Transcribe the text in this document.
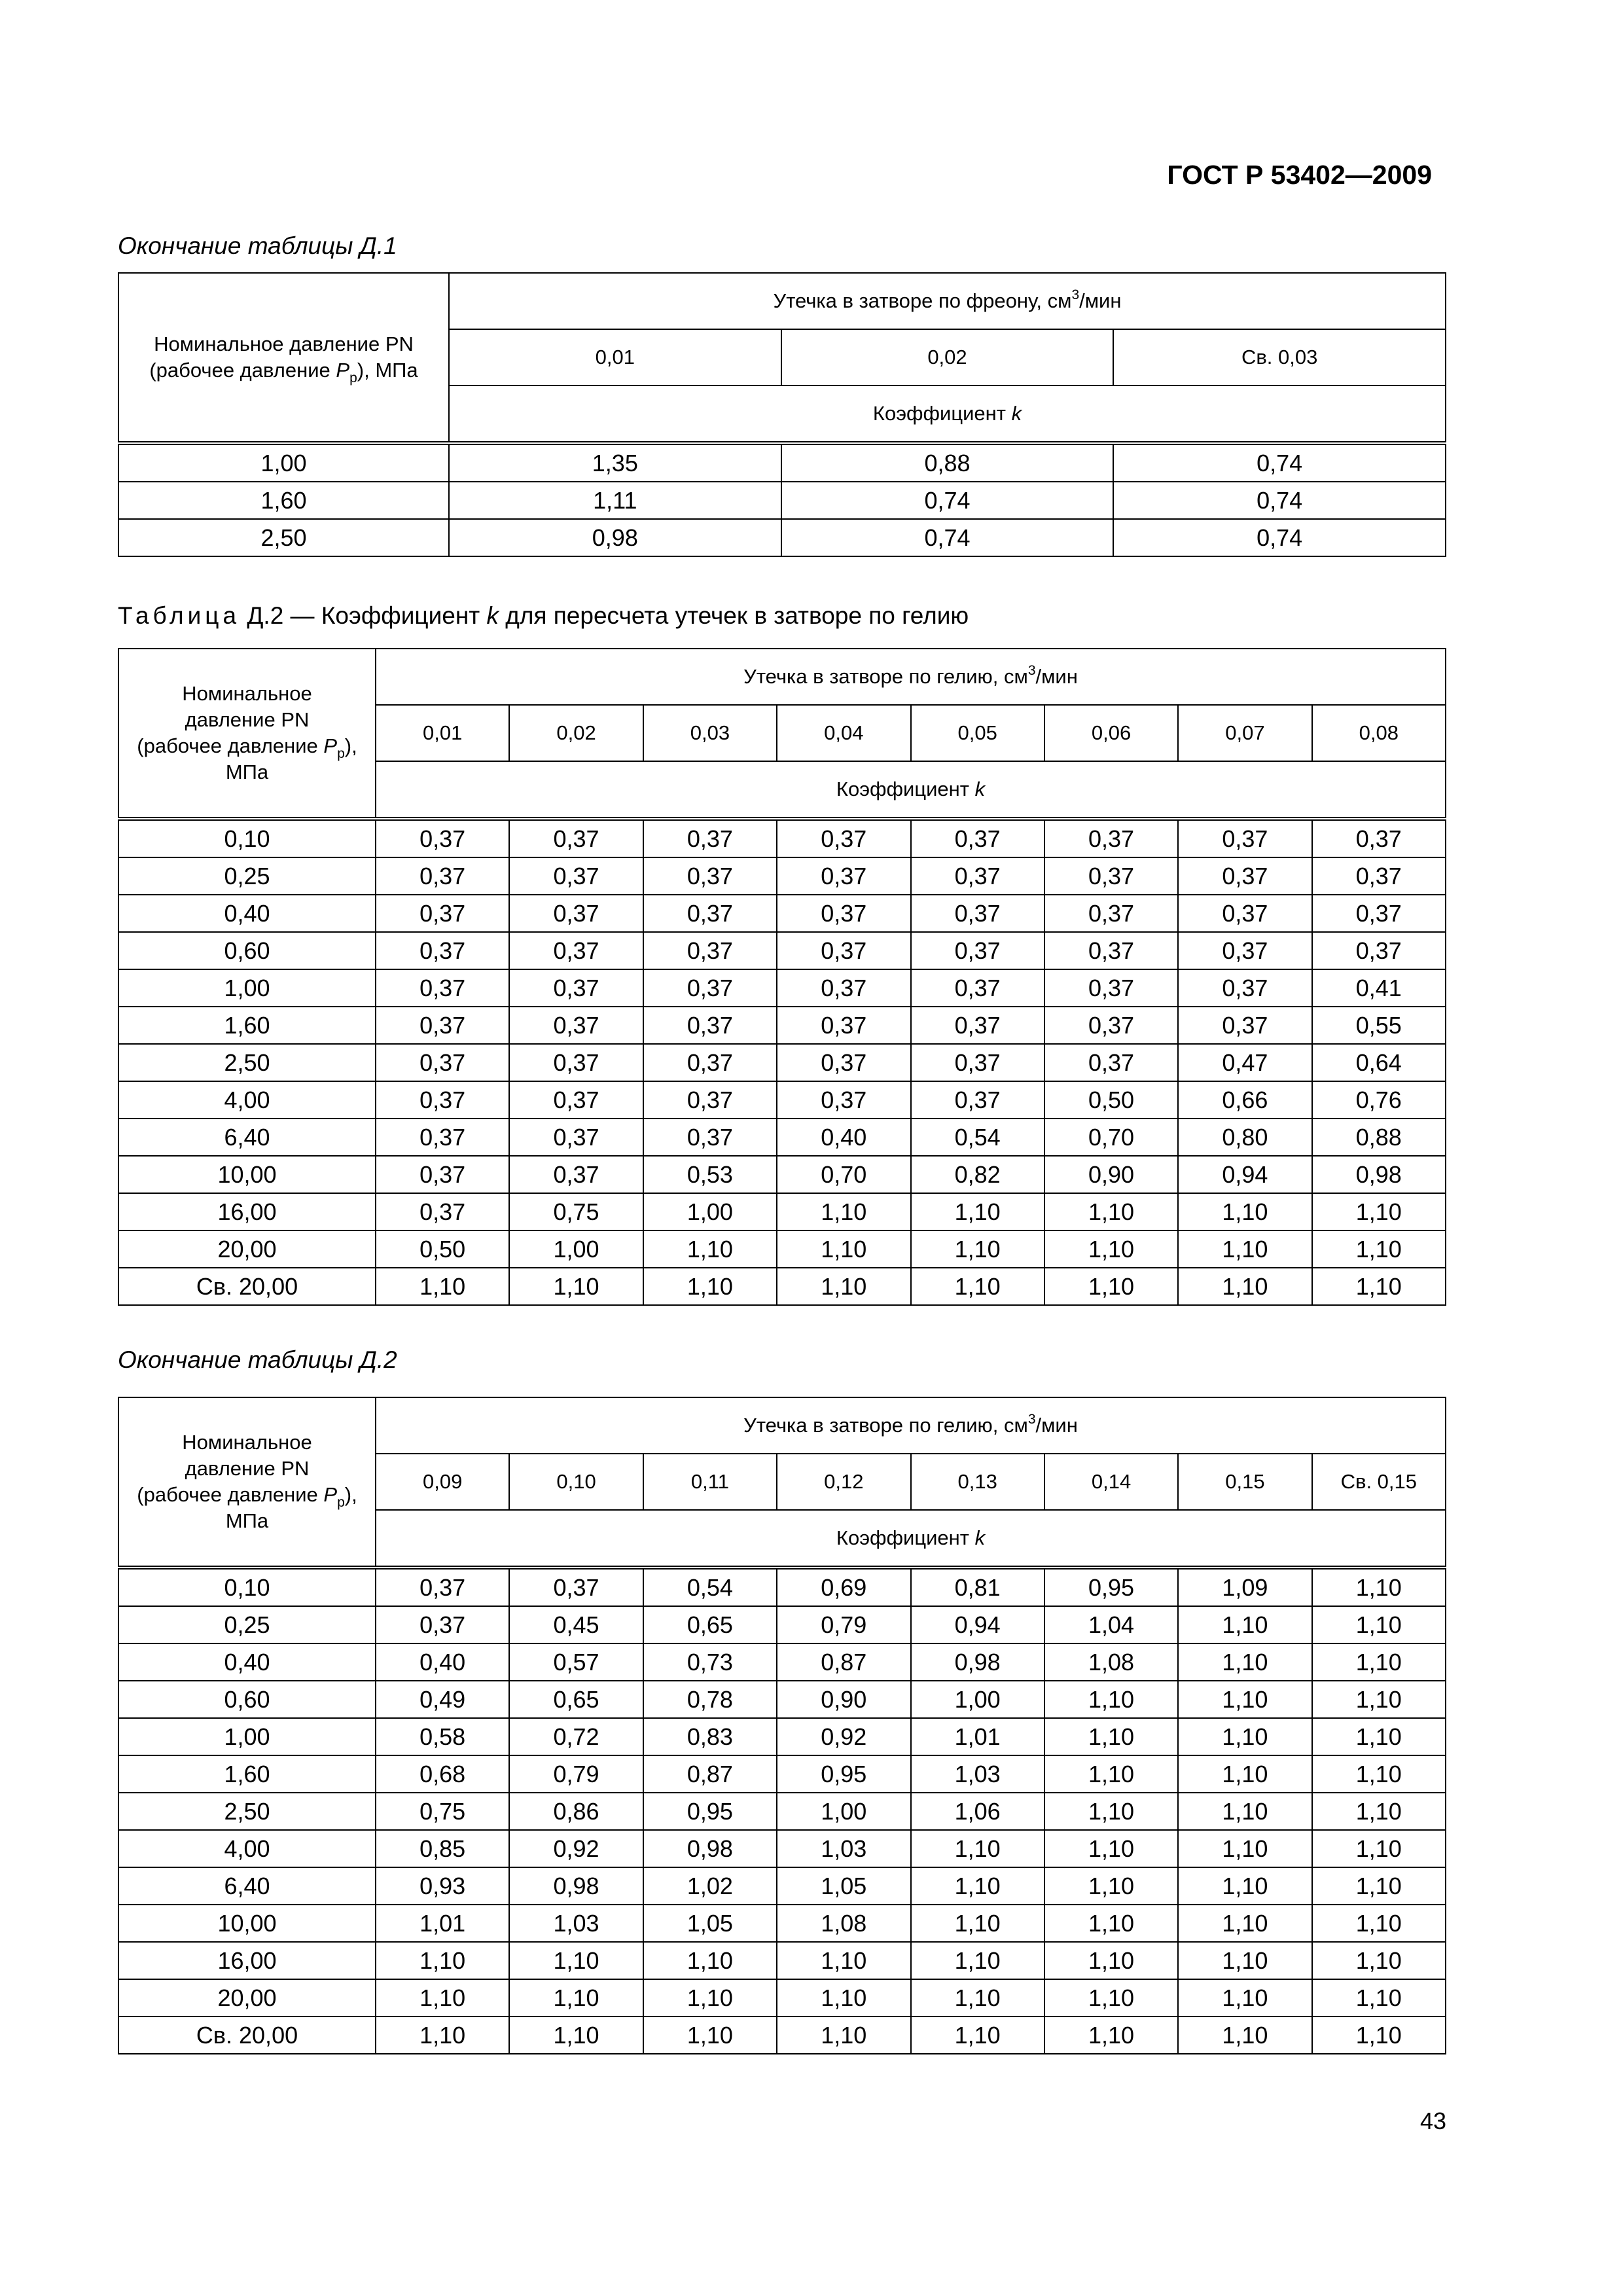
ГОСТ Р 53402—2009
Окончание таблицы Д.1
Номинальное давление PN
(рабочее давление $P_р$), МПа	Утечка в затворе по фреону, $см^3$/мин		
	0,01	0,02	Св. 0,03
	Коэффициент k		
1,00	1,35	0,88	0,74
1,60	1,11	0,74	0,74
2,50	0,98	0,74	0,74
Таблица Д.2 — Коэффициент k для пересчета утечек в затворе по гелию
Номинальное
давление PN
(рабочее давление $P_р$),
МПа	Утечка в затворе по гелию, $см^3$/мин							
	0,01	0,02	0,03	0,04	0,05	0,06	0,07	0,08
	Коэффициент k							
0,10	0,37	0,37	0,37	0,37	0,37	0,37	0,37	0,37
0,25	0,37	0,37	0,37	0,37	0,37	0,37	0,37	0,37
0,40	0,37	0,37	0,37	0,37	0,37	0,37	0,37	0,37
0,60	0,37	0,37	0,37	0,37	0,37	0,37	0,37	0,37
1,00	0,37	0,37	0,37	0,37	0,37	0,37	0,37	0,41
1,60	0,37	0,37	0,37	0,37	0,37	0,37	0,37	0,55
2,50	0,37	0,37	0,37	0,37	0,37	0,37	0,47	0,64
4,00	0,37	0,37	0,37	0,37	0,37	0,50	0,66	0,76
6,40	0,37	0,37	0,37	0,40	0,54	0,70	0,80	0,88
10,00	0,37	0,37	0,53	0,70	0,82	0,90	0,94	0,98
16,00	0,37	0,75	1,00	1,10	1,10	1,10	1,10	1,10
20,00	0,50	1,00	1,10	1,10	1,10	1,10	1,10	1,10
Св. 20,00	1,10	1,10	1,10	1,10	1,10	1,10	1,10	1,10
Окончание таблицы Д.2
Номинальное
давление PN
(рабочее давление $P_р$),
МПа	Утечка в затворе по гелию, $см^3$/мин							
	0,09	0,10	0,11	0,12	0,13	0,14	0,15	Св. 0,15
	Коэффициент k							
0,10	0,37	0,37	0,54	0,69	0,81	0,95	1,09	1,10
0,25	0,37	0,45	0,65	0,79	0,94	1,04	1,10	1,10
0,40	0,40	0,57	0,73	0,87	0,98	1,08	1,10	1,10
0,60	0,49	0,65	0,78	0,90	1,00	1,10	1,10	1,10
1,00	0,58	0,72	0,83	0,92	1,01	1,10	1,10	1,10
1,60	0,68	0,79	0,87	0,95	1,03	1,10	1,10	1,10
2,50	0,75	0,86	0,95	1,00	1,06	1,10	1,10	1,10
4,00	0,85	0,92	0,98	1,03	1,10	1,10	1,10	1,10
6,40	0,93	0,98	1,02	1,05	1,10	1,10	1,10	1,10
10,00	1,01	1,03	1,05	1,08	1,10	1,10	1,10	1,10
16,00	1,10	1,10	1,10	1,10	1,10	1,10	1,10	1,10
20,00	1,10	1,10	1,10	1,10	1,10	1,10	1,10	1,10
Св. 20,00	1,10	1,10	1,10	1,10	1,10	1,10	1,10	1,10
43
